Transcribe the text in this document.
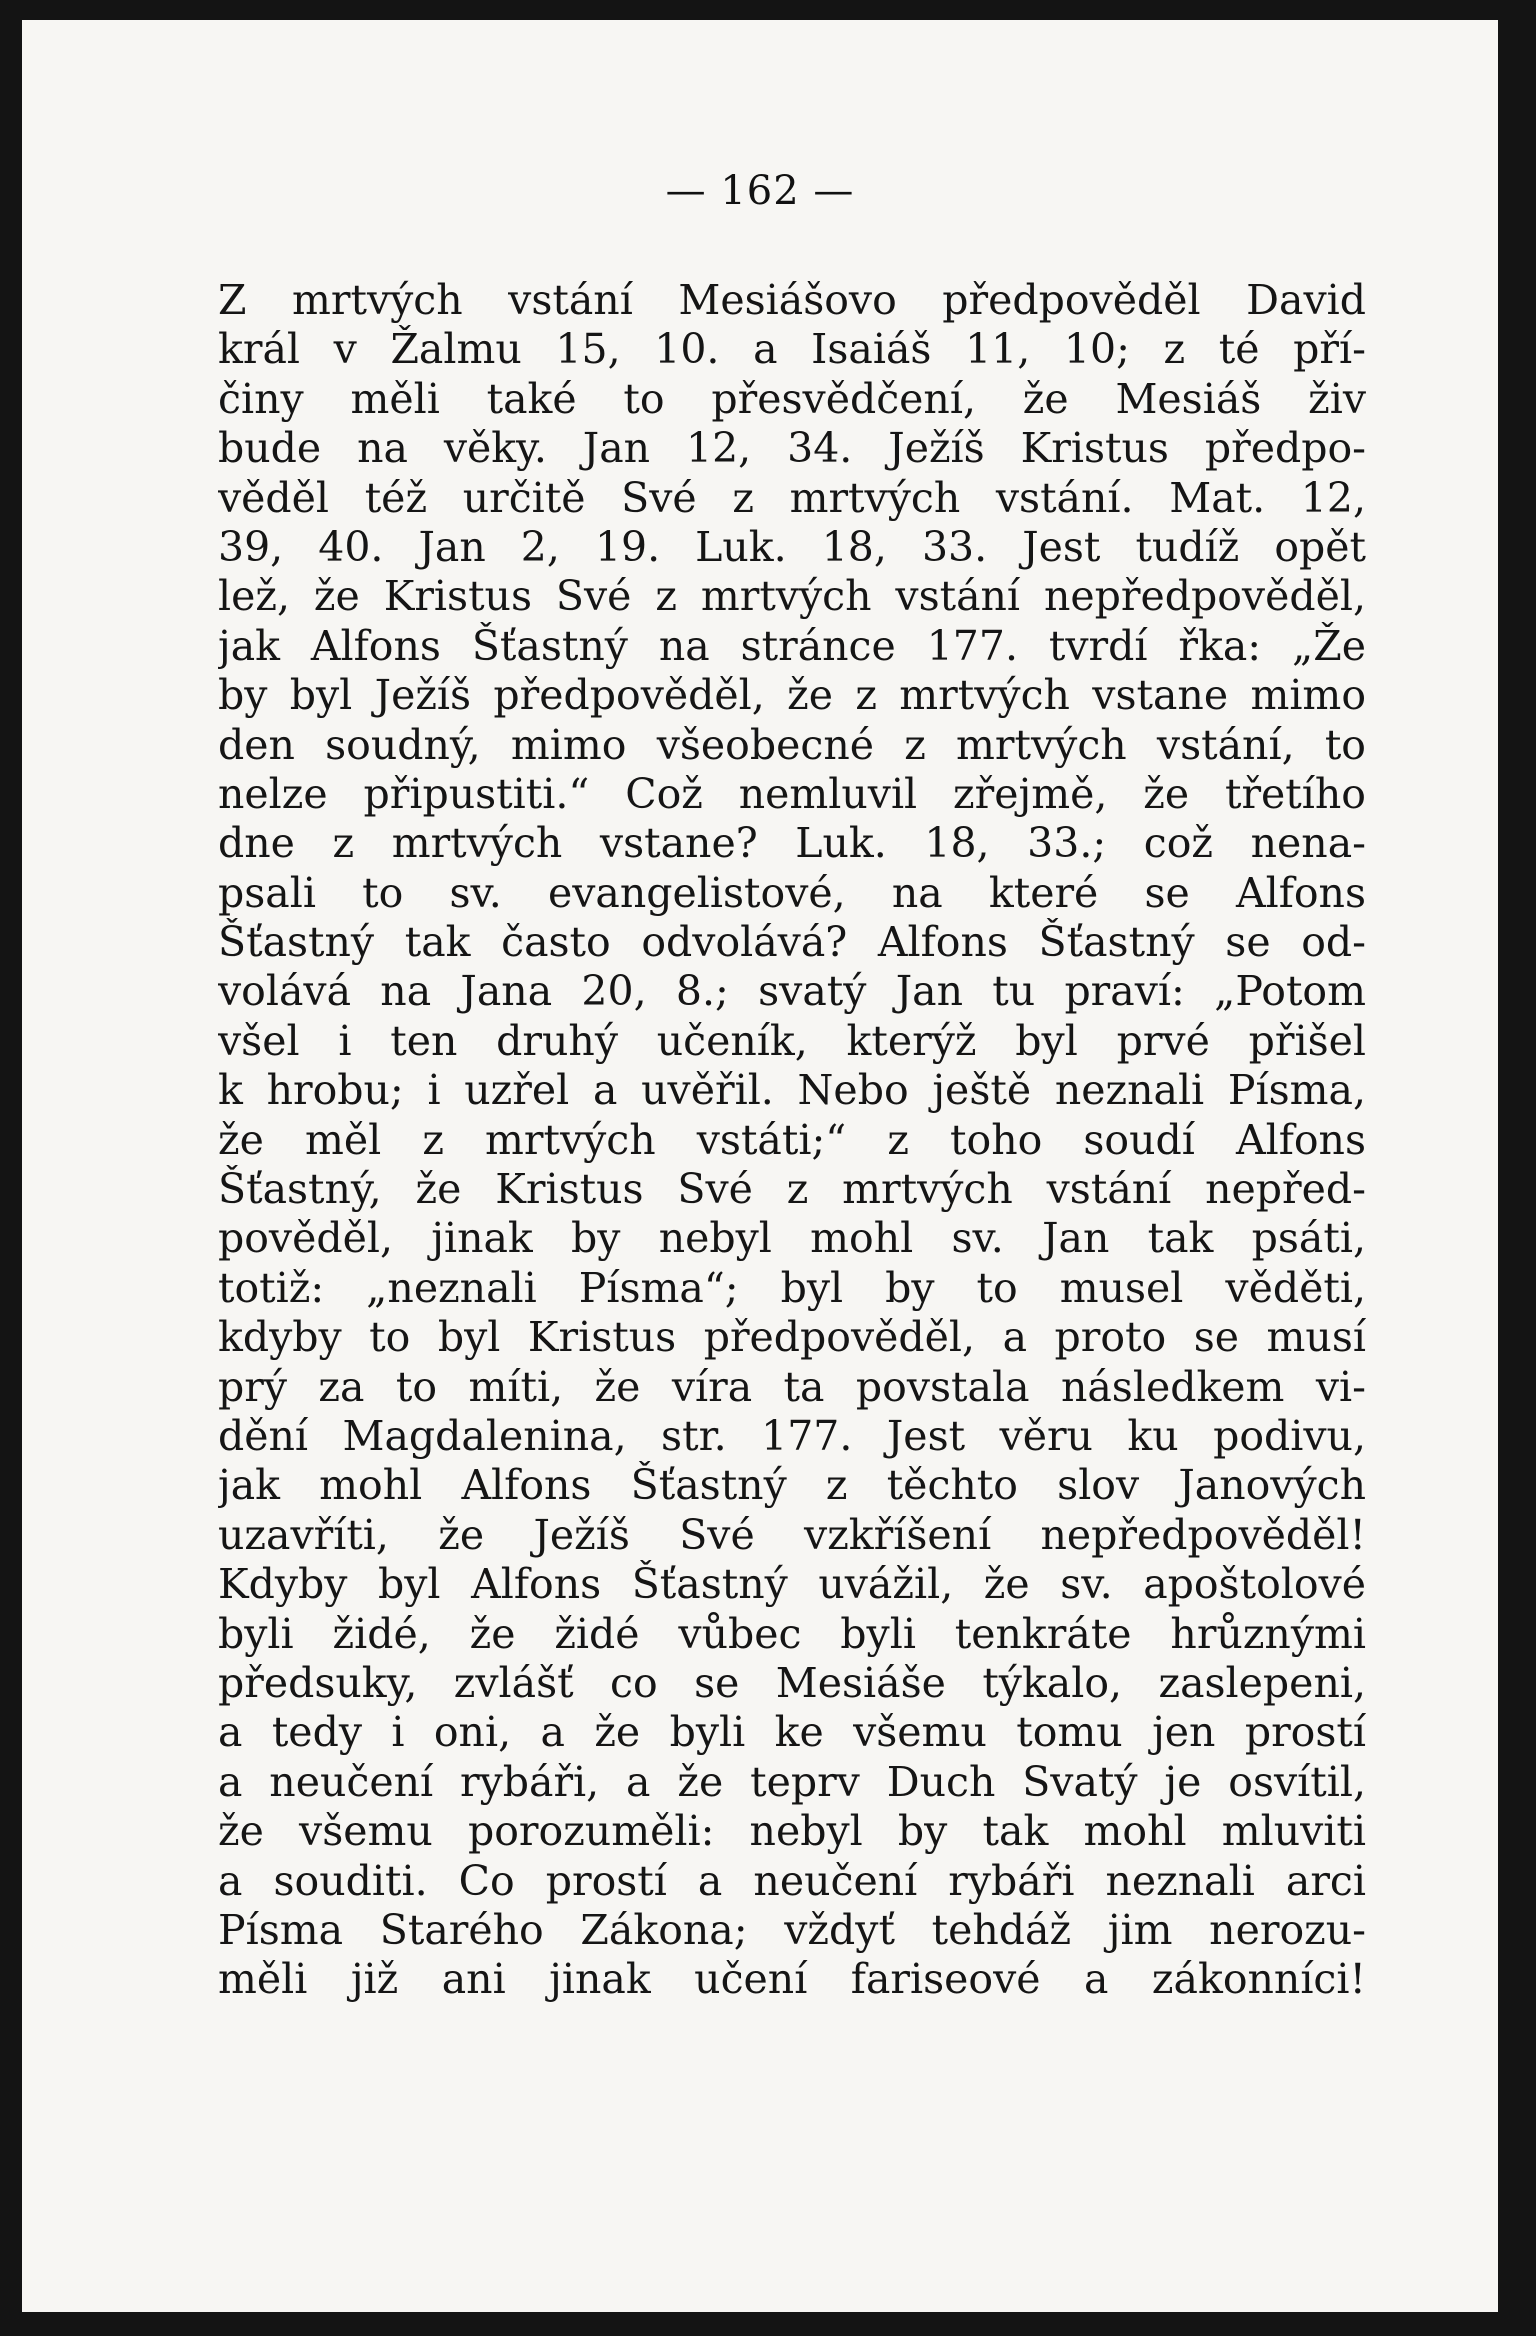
— 162 —
Z mrtvých vstání Mesiášovo předpověděl David
král v Žalmu 15, 10. a Isaiáš 11, 10; z té pří-
činy měli také to přesvědčení, že Mesiáš živ
bude na věky. Jan 12, 34. Ježíš Kristus předpo-
věděl též určitě Své z mrtvých vstání. Mat. 12,
39, 40. Jan 2, 19. Luk. 18, 33. Jest tudíž opět
lež, že Kristus Své z mrtvých vstání nepředpověděl,
jak Alfons Šťastný na stránce 177. tvrdí řka: „Že
by byl Ježíš předpověděl, že z mrtvých vstane mimo
den soudný, mimo všeobecné z mrtvých vstání, to
nelze připustiti.“ Což nemluvil zřejmě, že třetího
dne z mrtvých vstane? Luk. 18, 33.; což nena-
psali to sv. evangelistové, na které se Alfons
Šťastný tak často odvolává? Alfons Šťastný se od-
volává na Jana 20, 8.; svatý Jan tu praví: „Potom
všel i ten druhý učeník, kterýž byl prvé přišel
k hrobu; i uzřel a uvěřil. Nebo ještě neznali Písma,
že měl z mrtvých vstáti;“ z toho soudí Alfons
Šťastný, že Kristus Své z mrtvých vstání nepřed-
pověděl, jinak by nebyl mohl sv. Jan tak psáti,
totiž: „neznali Písma“; byl by to musel věděti,
kdyby to byl Kristus předpověděl, a proto se musí
prý za to míti, že víra ta povstala následkem vi-
dění Magdalenina, str. 177. Jest věru ku podivu,
jak mohl Alfons Šťastný z těchto slov Janových
uzavříti, že Ježíš Své vzkříšení nepředpověděl!
Kdyby byl Alfons Šťastný uvážil, že sv. apoštolové
byli židé, že židé vůbec byli tenkráte hrůznými
předsuky, zvlášť co se Mesiáše týkalo, zaslepeni,
a tedy i oni, a že byli ke všemu tomu jen prostí
a neučení rybáři, a že teprv Duch Svatý je osvítil,
že všemu porozuměli: nebyl by tak mohl mluviti
a souditi. Co prostí a neučení rybáři neznali arci
Písma Starého Zákona; vždyť tehdáž jim nerozu-
měli již ani jinak učení fariseové a zákonníci!
